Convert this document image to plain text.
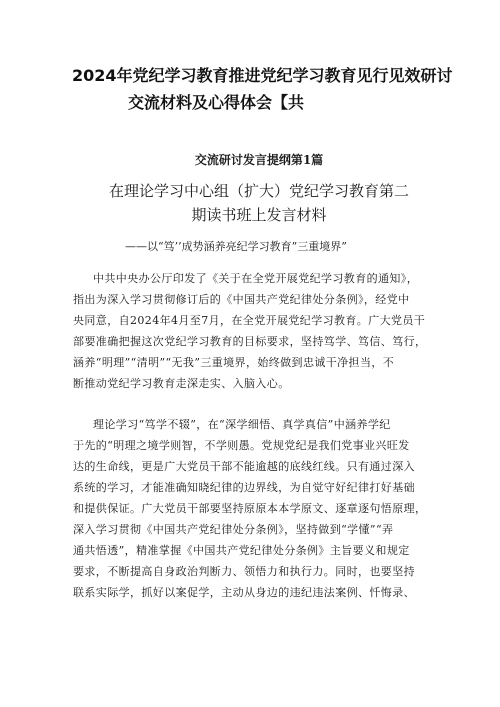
2024年党纪学习教育推进党纪学习教育见行见效研讨
交流材料及心得体会【共
交流研讨发言提纲第1篇
在理论学习中心组（扩大）党纪学习教育第二
期读书班上发言材料
——以“笃’’成势涵养亮纪学习教育”三重境界”
中共中央办公厅印发了《关于在全党开展党纪学习教育的通知》，
指出为深入学习贯彻修订后的《中国共产党纪律处分条例》，经党中
央同意，自2024年4月至7月，在全党开展党纪学习教育。广大党员干
部要准确把握这次党纪学习教育的目标要求，坚持笃学、笃信、笃行，
涵养“明理”“清明”“无我”三重境界，始终做到忠诚干净担当，不
断推动党纪学习教育走深走实、入脑入心。
理论学习“笃学不辍”，在“深学细悟、真学真信”中涵养学纪
于先的“明理之境学则智，不学则愚。党规党纪是我们党事业兴旺发
达的生命线，更是广大党员干部不能逾越的底线红线。只有通过深入
系统的学习，才能准确知晓纪律的边界线，为自觉守好纪律打好基础
和提供保证。广大党员干部要坚持原原本本学原文、逐章逐句悟原理，
深入学习贯彻《中国共产党纪律处分条例》，坚持做到“学懂”“弄
通共悟透”，精准掌握《中国共产党纪律处分条例》主旨要义和规定
要求，不断提高自身政治判断力、领悟力和执行力。同时，也要坚持
联系实际学，抓好以案促学，主动从身边的违纪违法案例、忏悔录、
